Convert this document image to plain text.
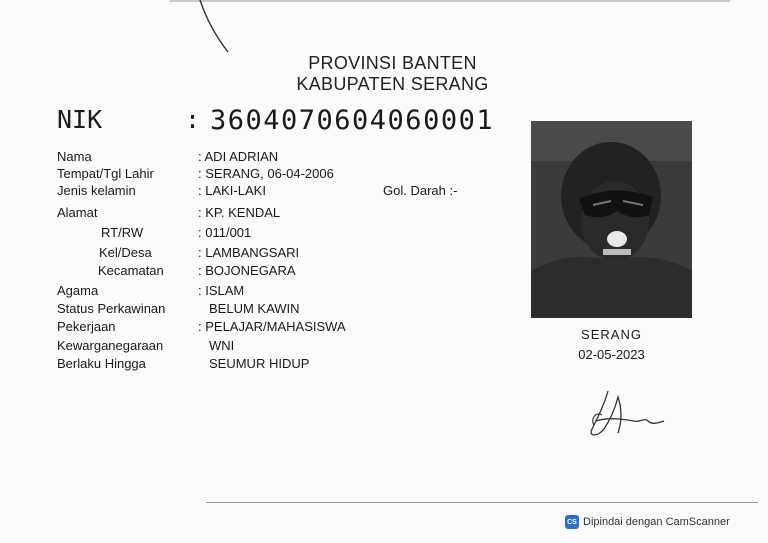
PROVINSI BANTEN
KABUPATEN SERANG
NIK	: 3604070604060001
Nama	: ADI ADRIAN
Tempat/Tgl Lahir	: SERANG, 06-04-2006
Jenis kelamin	: LAKI-LAKI	Gol. Darah :-
Alamat	: KP. KENDAL
RT/RW	: 011/001
Kel/Desa	: LAMBANGSARI
Kecamatan	: BOJONEGARA
Agama	: ISLAM
Status Perkawinan	BELUM KAWIN
Pekerjaan	: PELAJAR/MAHASISWA
Kewarganegaraan	WNI
Berlaku Hingga	SEUMUR HIDUP
SERANG
02-05-2023
CS Dipindai dengan CamScanner
